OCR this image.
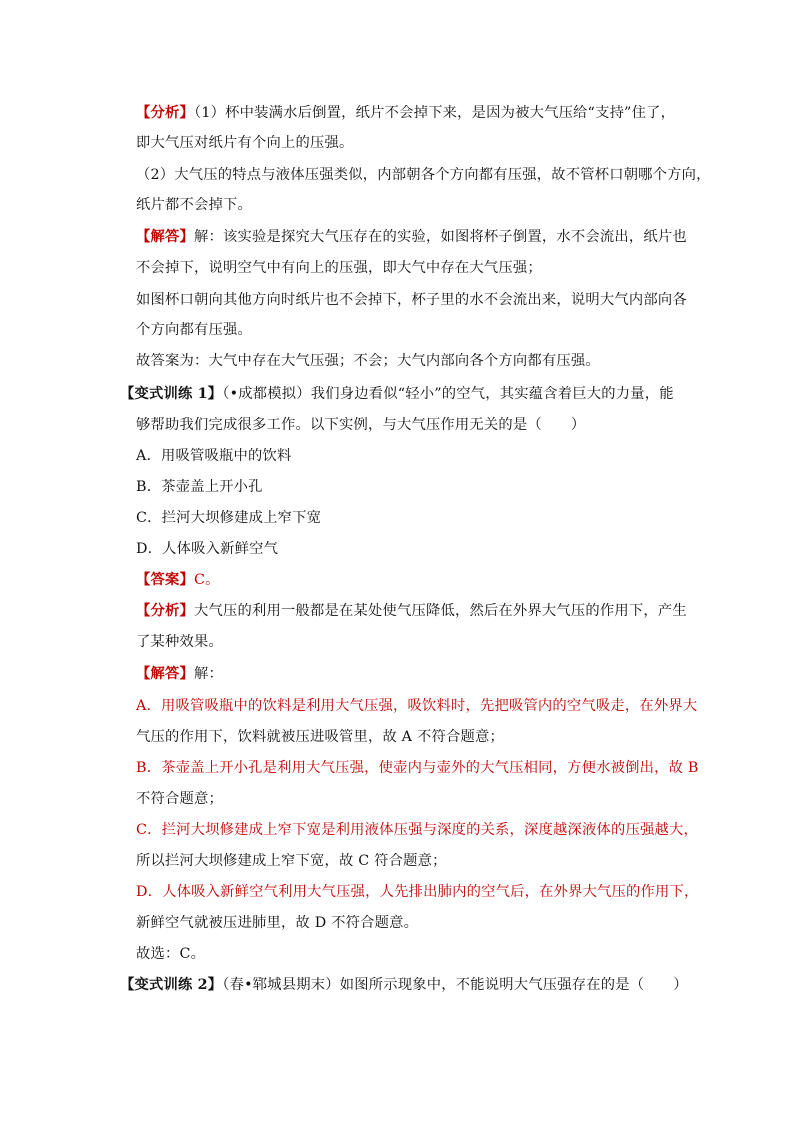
【分析】（1）杯中装满水后倒置，纸片不会掉下来，是因为被大气压给“支持”住了，
即大气压对纸片有个向上的压强。
（2）大气压的特点与液体压强类似，内部朝各个方向都有压强，故不管杯口朝哪个方向，
纸片都不会掉下。
【解答】解：该实验是探究大气压存在的实验，如图将杯子倒置，水不会流出，纸片也
不会掉下，说明空气中有向上的压强，即大气中存在大气压强；
如图杯口朝向其他方向时纸片也不会掉下，杯子里的水不会流出来，说明大气内部向各
个方向都有压强。
故答案为：大气中存在大气压强；不会；大气内部向各个方向都有压强。
【变式训练 1】（•成都模拟）我们身边看似“轻小”的空气，其实蕴含着巨大的力量，能
够帮助我们完成很多工作。以下实例，与大气压作用无关的是（　　）
A．用吸管吸瓶中的饮料
B．茶壶盖上开小孔
C．拦河大坝修建成上窄下宽
D．人体吸入新鲜空气
【答案】C。
【分析】大气压的利用一般都是在某处使气压降低，然后在外界大气压的作用下，产生
了某种效果。
【解答】解：
A．用吸管吸瓶中的饮料是利用大气压强，吸饮料时，先把吸管内的空气吸走，在外界大
气压的作用下，饮料就被压进吸管里，故 A 不符合题意；
B．茶壶盖上开小孔是利用大气压强，使壶内与壶外的大气压相同，方便水被倒出，故 B
不符合题意；
C．拦河大坝修建成上窄下宽是利用液体压强与深度的关系，深度越深液体的压强越大，
所以拦河大坝修建成上窄下宽，故 C 符合题意；
D．人体吸入新鲜空气利用大气压强，人先排出肺内的空气后，在外界大气压的作用下，
新鲜空气就被压进肺里，故 D 不符合题意。
故选：C。
【变式训练 2】（春•郓城县期末）如图所示现象中，不能说明大气压强存在的是（　　）
